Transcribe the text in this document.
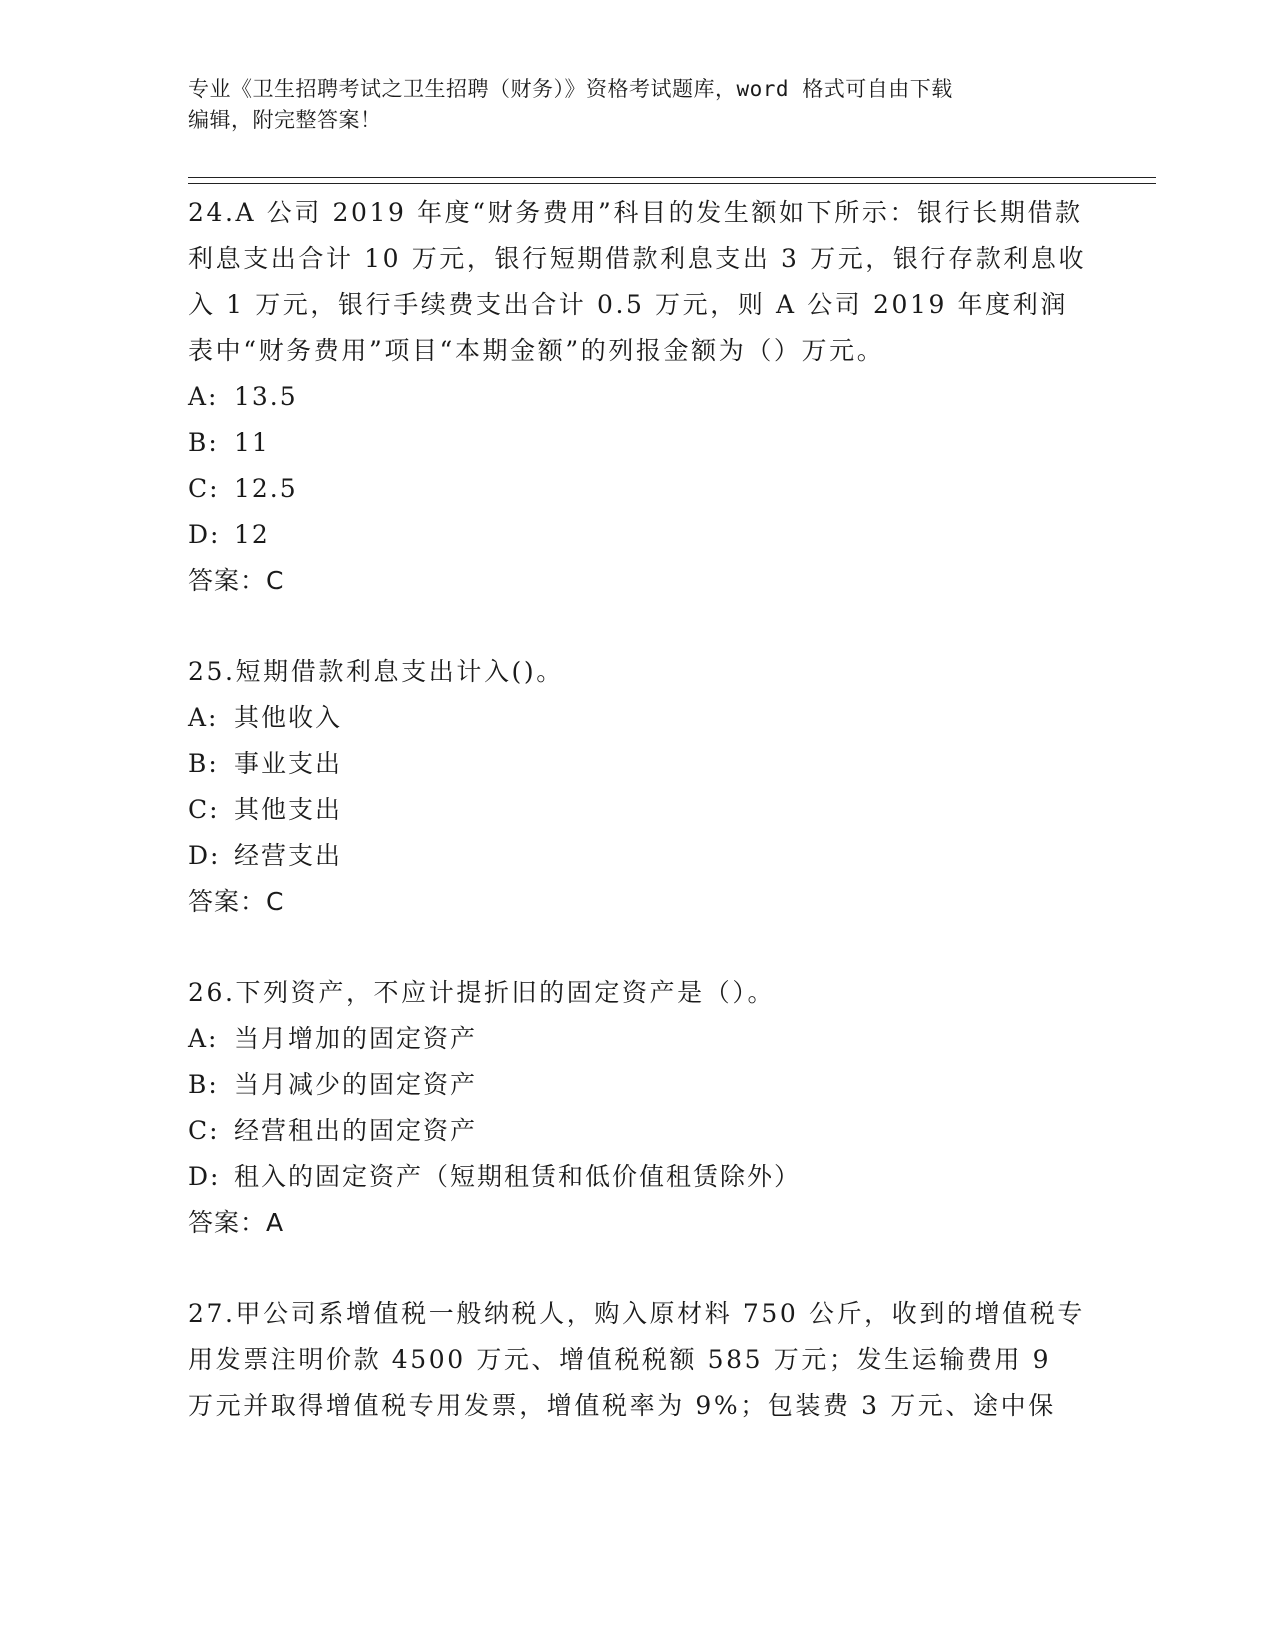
专业《卫生招聘考试之卫生招聘（财务）》资格考试题库，word 格式可自由下载
编辑，附完整答案！

24.A 公司 2019 年度“财务费用”科目的发生额如下所示：银行长期借款利息支出合计 10 万元，银行短期借款利息支出 3 万元，银行存款利息收入 1 万元，银行手续费支出合计 0.5 万元，则 A 公司 2019 年度利润表中“财务费用”项目“本期金额”的列报金额为（）万元。

A: 13.5
B: 11
C: 12.5
D: 12
答案：C

25.短期借款利息支出计入()。

A: 其他收入
B: 事业支出
C: 其他支出
D: 经营支出
答案：C

26.下列资产，不应计提折旧的固定资产是（）。

A: 当月增加的固定资产
B: 当月减少的固定资产
C: 经营租出的固定资产
D: 租入的固定资产（短期租赁和低价值租赁除外）
答案：A

27.甲公司系增值税一般纳税人，购入原材料 750 公斤，收到的增值税专用发票注明价款 4500 万元、增值税税额 585 万元；发生运输费用 9 万元并取得增值税专用发票，增值税率为 9%；包装费 3 万元、途中保
